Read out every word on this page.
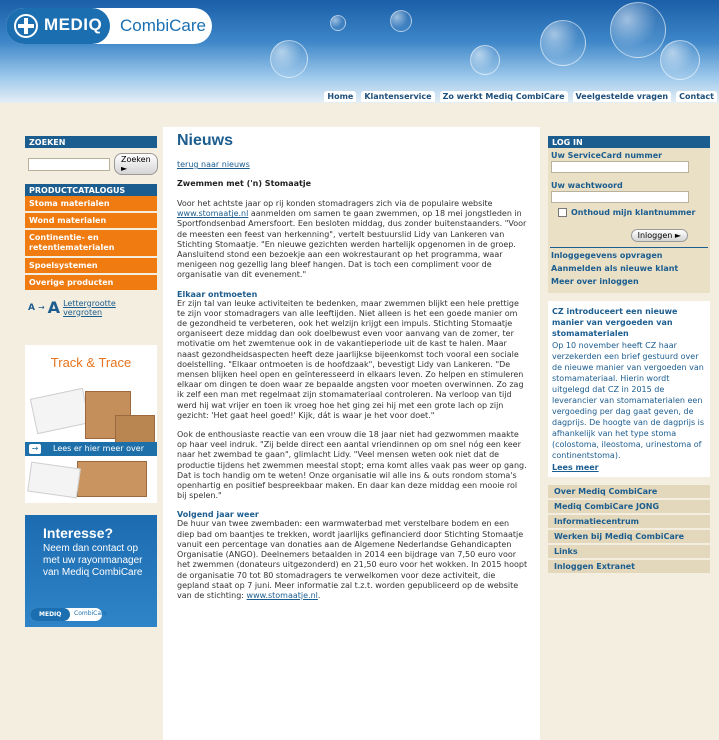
MEDIQ CombiCare
Home	Klantenservice	Zo werkt Mediq CombiCare	Veelgestelde vragen	Contact
ZOEKEN
Zoeken ►
PRODUCTCATALOGUS
Stoma materialen
Wond materialen
Continentie- en retentiemateriaIen
Spoelsystemen
Overige producten
A → A Lettergrootte vergroten
Track & Trace
Lees er hier meer over
→
Interesse?
Neem dan contact op met uw rayonmanager van Mediq CombiCare
MEDIQ	CombiCare
Nieuws
terug naar nieuws
Zwemmen met ('n) Stomaatje

Voor het achtste jaar op rij konden stomadragers zich via de populaire website www.stomaatje.nl aanmelden om samen te gaan zwemmen, op 18 mei jongstleden in Sportfondsenbad Amersfoort. Een besloten middag, dus zonder buitenstaanders. "Voor de meesten een feest van herkenning", vertelt bestuurslid Lidy van Lankeren van Stichting Stomaatje. "En nieuwe gezichten werden hartelijk opgenomen in de groep. Aansluitend stond een bezoekje aan een wokrestaurant op het programma, waar menigeen nog gezellig lang bleef hangen. Dat is toch een compliment voor de organisatie van dit evenement."

Elkaar ontmoeten

Er zijn tal van leuke activiteiten te bedenken, maar zwemmen blijkt een hele prettige te zijn voor stomadragers van alle leeftijden. Niet alleen is het een goede manier om de gezondheid te verbeteren, ook het welzijn krijgt een impuls. Stichting Stomaatje organiseert deze middag dan ook doelbewust even voor aanvang van de zomer, ter motivatie om het zwemtenue ook in de vakantieperiode uit de kast te halen. Maar naast gezondheidsaspecten heeft deze jaarlijkse bijeenkomst toch vooral een sociale doelstelling. "Elkaar ontmoeten is de hoofdzaak", bevestigt Lidy van Lankeren. "De mensen blijken heel open en geïnteresseerd in elkaars leven. Zo helpen en stimuleren elkaar om dingen te doen waar ze bepaalde angsten voor moeten overwinnen. Zo zag ik zelf een man met regelmaat zijn stomamateriaal controleren. Na verloop van tijd werd hij wat vrijer en toen ik vroeg hoe het ging zei hij met een grote lach op zijn gezicht: 'Het gaat heel goed!' Kijk, dát is waar je het voor doet."

Ook de enthousiaste reactie van een vrouw die 18 jaar niet had gezwommen maakte op haar veel indruk. "Zij belde direct een aantal vriendinnen op om snel nóg een keer naar het zwembad te gaan", glimlacht Lidy. "Veel mensen weten ook niet dat de productie tijdens het zwemmen meestal stopt; erna komt alles vaak pas weer op gang. Dat is toch handig om te weten! Onze organisatie wil alle ins & outs rondom stoma's openhartig en positief bespreekbaar maken. En daar kan deze middag een mooie rol bij spelen."

Volgend jaar weer

De huur van twee zwembaden: een warmwaterbad met verstelbare bodem en een diep bad om baantjes te trekken, wordt jaarlijks gefinancierd door Stichting Stomaatje vanuit een percentage van donaties aan de Algemene Nederlandse Gehandicapten Organisatie (ANGO). Deelnemers betaalden in 2014 een bijdrage van 7,50 euro voor het zwemmen (donateurs uitgezonderd) en 21,50 euro voor het wokken. In 2015 hoopt de organisatie 70 tot 80 stomadragers te verwelkomen voor deze activiteit, die gepland staat op 7 juni. Meer informatie zal t.z.t. worden gepubliceerd op de website van de stichting: www.stomaatje.nl.

LOG IN
Uw ServiceCard nummer
Uw wachtwoord
Onthoud mijn klantnummer
Inloggen ►
Inloggegevens opvragen
Aanmelden als nieuwe klant
Meer over inloggen
CZ introduceert een nieuwe manier van vergoeden van stomamaterialen
Op 10 november heeft CZ haar verzekerden een brief gestuurd over de nieuwe manier van vergoeden van stomamateriaal. Hierin wordt uitgelegd dat CZ in 2015 de leverancier van stomamaterialen een vergoeding per dag gaat geven, de dagprijs. De hoogte van de dagprijs is afhankelijk van het type stoma (colostoma, ileostoma, urinestoma of continentstoma).
Lees meer
Over Mediq CombiCare
Mediq CombiCare JONG
Informatiecentrum
Werken bij Mediq CombiCare
Links
Inloggen Extranet
